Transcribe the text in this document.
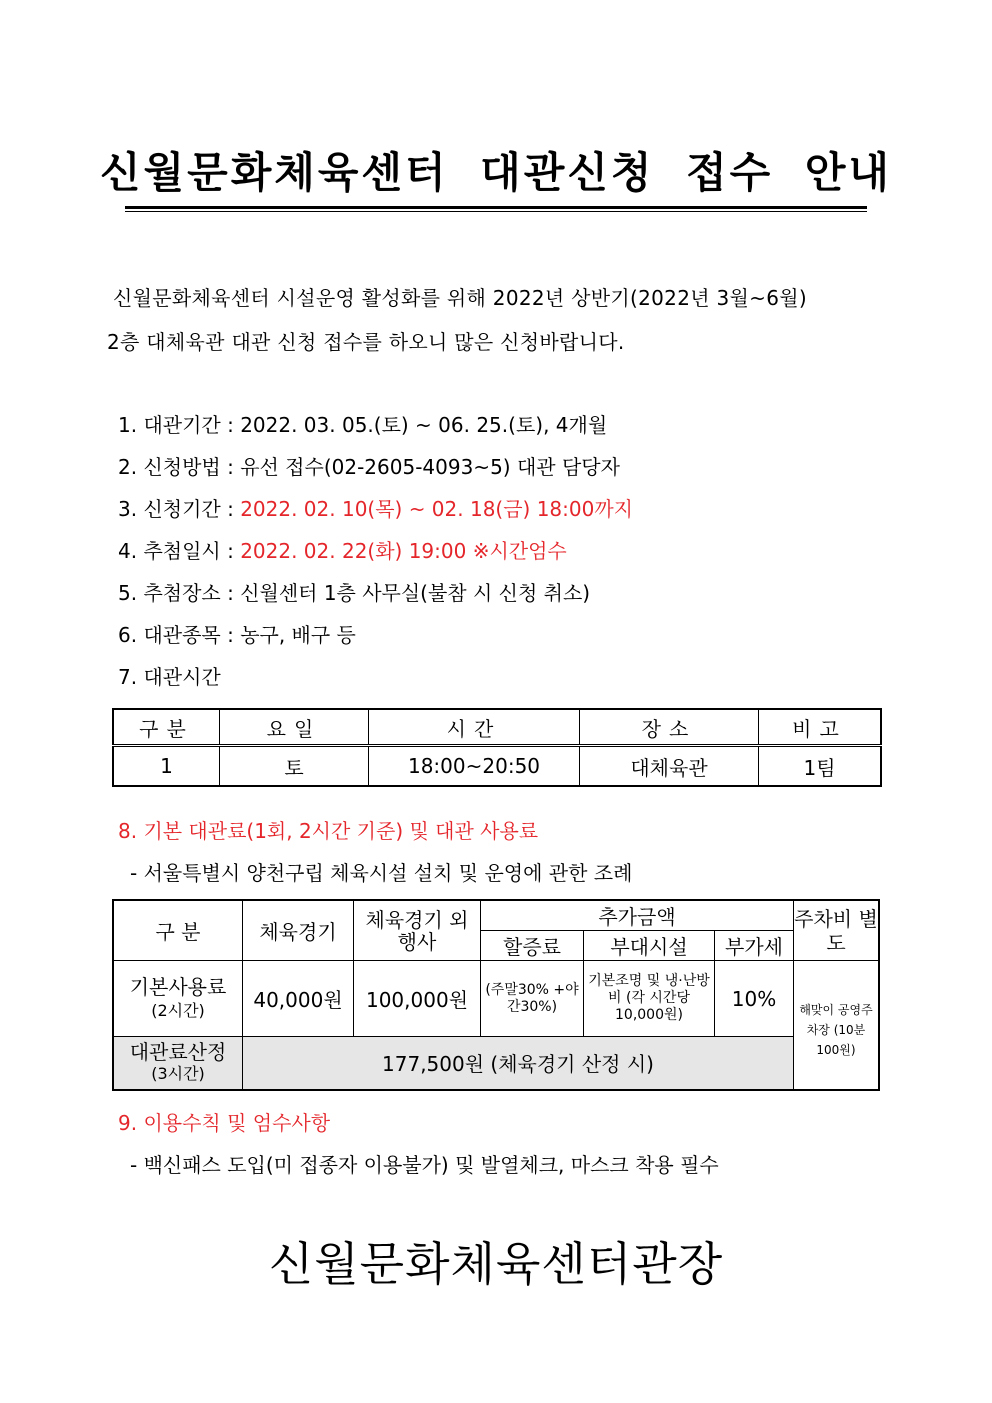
신월문화체육센터 대관신청 접수 안내
신월문화체육센터 시설운영 활성화를 위해 2022년 상반기(2022년 3월~6월)
2층 대체육관 대관 신청 접수를 하오니 많은 신청바랍니다.
1. 대관기간 : 2022. 03. 05.(토) ~ 06. 25.(토), 4개월
2. 신청방법 : 유선 접수(02-2605-4093~5) 대관 담당자
3. 신청기간 : 2022. 02. 10(목) ~ 02. 18(금) 18:00까지
4. 추첨일시 : 2022. 02. 22(화) 19:00 ※시간엄수
5. 추첨장소 : 신월센터 1층 사무실(불참 시 신청 취소)
6. 대관종목 : 농구, 배구 등
7. 대관시간
구분	요일	시간	장소	비고
1	토	18:00~20:50	대체육관	1팀
8. 기본 대관료(1회, 2시간 기준) 및 대관 사용료
- 서울특별시 양천구립 체육시설 설치 및 운영에 관한 조례
구 분	체육경기	체육경기 외 행사	추가금액			주차비 별도
			할증료	부대시설	부가세	
기본사용료
(2시간)	40,000원	100,000원	(주말30% +야간30%)	기본조명 및 냉·난방비 (각 시간당 10,000원)	10%	해맞이 공영주차장 (10분 100원)
대관료산정
(3시간)	177,500원 (체육경기 산정 시)					
9. 이용수칙 및 엄수사항
- 백신패스 도입(미 접종자 이용불가) 및 발열체크, 마스크 착용 필수
신월문화체육센터관장
